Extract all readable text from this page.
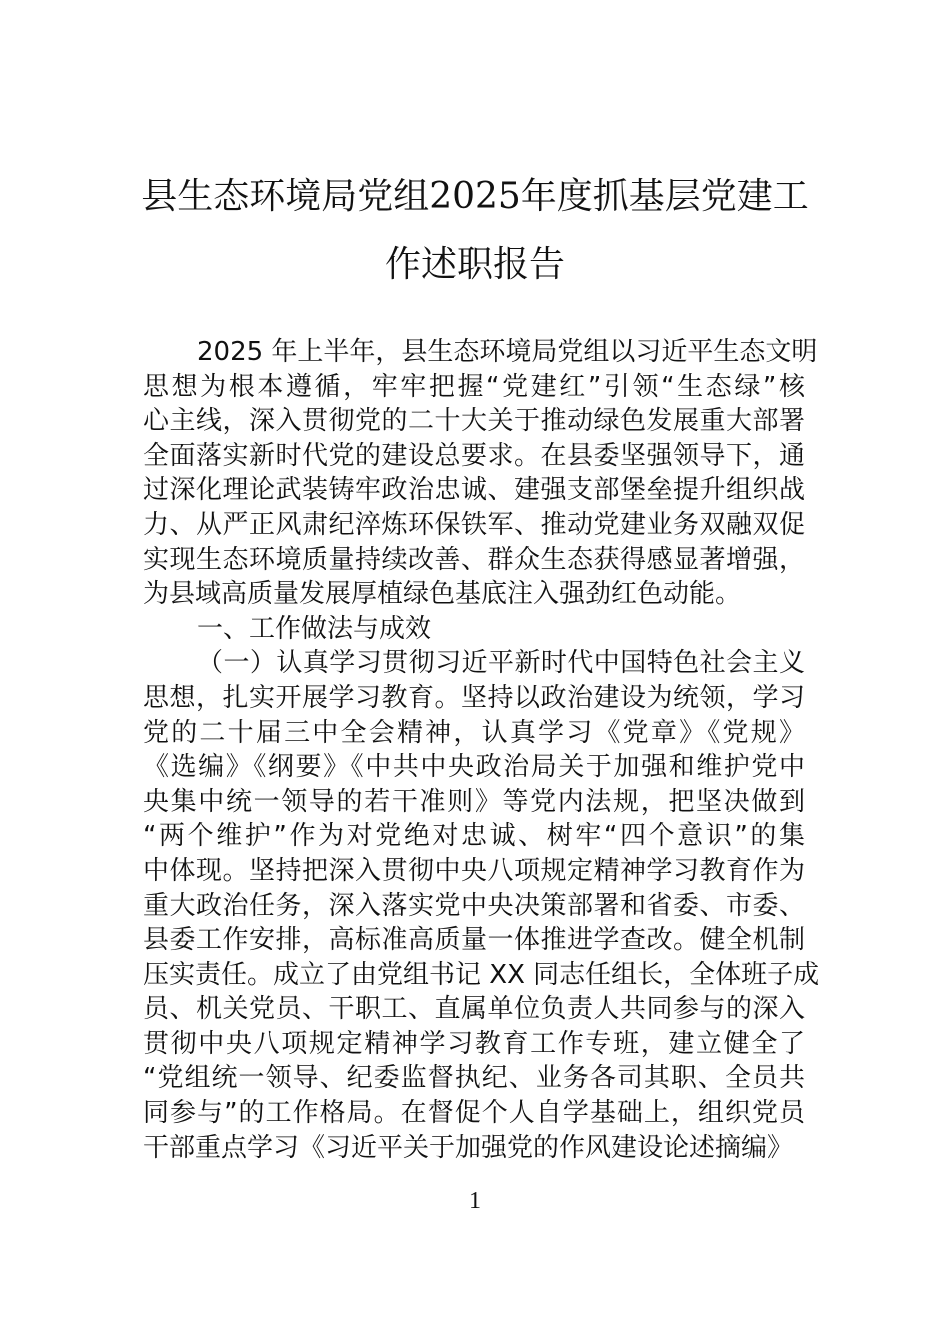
县生态环境局党组2025年度抓基层党建工
作述职报告
2025 年上半年，县生态环境局党组以习近平生态文明
思想为根本遵循，牢牢把握“党建红”引领“生态绿”核
心主线，深入贯彻党的二十大关于推动绿色发展重大部署
全面落实新时代党的建设总要求。在县委坚强领导下，通
过深化理论武装铸牢政治忠诚、建强支部堡垒提升组织战
力、从严正风肃纪淬炼环保铁军、推动党建业务双融双促
实现生态环境质量持续改善、群众生态获得感显著增强，
为县域高质量发展厚植绿色基底注入强劲红色动能。
一、工作做法与成效
（一）认真学习贯彻习近平新时代中国特色社会主义
思想，扎实开展学习教育。坚持以政治建设为统领，学习
党的二十届三中全会精神，认真学习《党章》《党规》
《选编》《纲要》《中共中央政治局关于加强和维护党中
央集中统一领导的若干准则》等党内法规，把坚决做到
“两个维护”作为对党绝对忠诚、树牢“四个意识”的集
中体现。坚持把深入贯彻中央八项规定精神学习教育作为
重大政治任务，深入落实党中央决策部署和省委、市委、
县委工作安排，高标准高质量一体推进学查改。健全机制
压实责任。成立了由党组书记 XX 同志任组长，全体班子成
员、机关党员、干职工、直属单位负责人共同参与的深入
贯彻中央八项规定精神学习教育工作专班，建立健全了
“党组统一领导、纪委监督执纪、业务各司其职、全员共
同参与”的工作格局。在督促个人自学基础上，组织党员
干部重点学习《习近平关于加强党的作风建设论述摘编》
1
